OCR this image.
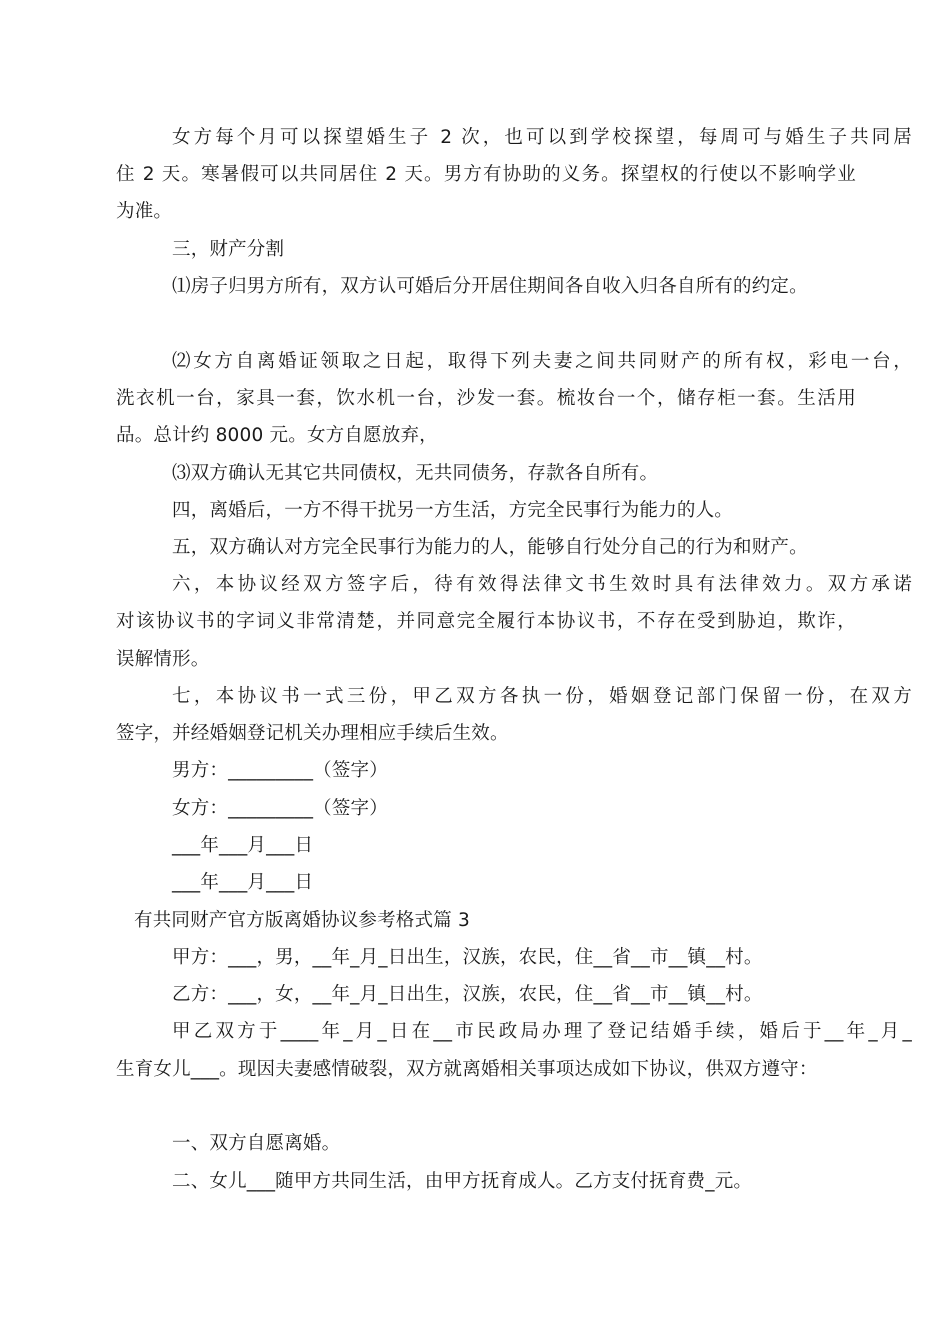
女方每个月可以探望婚生子 2 次，也可以到学校探望，每周可与婚生子共同居
住 2 天。寒暑假可以共同居住 2 天。男方有协助的义务。探望权的行使以不影响学业
为准。
三，财产分割
⑴房子归男方所有，双方认可婚后分开居住期间各自收入归各自所有的约定。
⑵女方自离婚证领取之日起，取得下列夫妻之间共同财产的所有权，彩电一台，
洗衣机一台，家具一套，饮水机一台，沙发一套。梳妆台一个，储存柜一套。生活用
品。总计约 8000 元。女方自愿放弃，
⑶双方确认无其它共同债权，无共同债务，存款各自所有。
四，离婚后，一方不得干扰另一方生活，方完全民事行为能力的人。
五，双方确认对方完全民事行为能力的人，能够自行处分自己的行为和财产。
六，本协议经双方签字后，待有效得法律文书生效时具有法律效力。双方承诺
对该协议书的字词义非常清楚，并同意完全履行本协议书，不存在受到胁迫，欺诈，
误解情形。
七，本协议书一式三份，甲乙双方各执一份，婚姻登记部门保留一份，在双方
签字，并经婚姻登记机关办理相应手续后生效。
男方：_________（签字）
女方：_________（签字）
___年___月___日
___年___月___日
有共同财产官方版离婚协议参考格式篇 3
甲方：___，男，__年_月_日出生，汉族，农民，住__省__市__镇__村。
乙方：___，女，__年_月_日出生，汉族，农民，住__省__市__镇__村。
甲乙双方于____年_月_日在__市民政局办理了登记结婚手续，婚后于__年_月_
生育女儿___。现因夫妻感情破裂，双方就离婚相关事项达成如下协议，供双方遵守：
一、双方自愿离婚。
二、女儿___随甲方共同生活，由甲方抚育成人。乙方支付抚育费_元。
